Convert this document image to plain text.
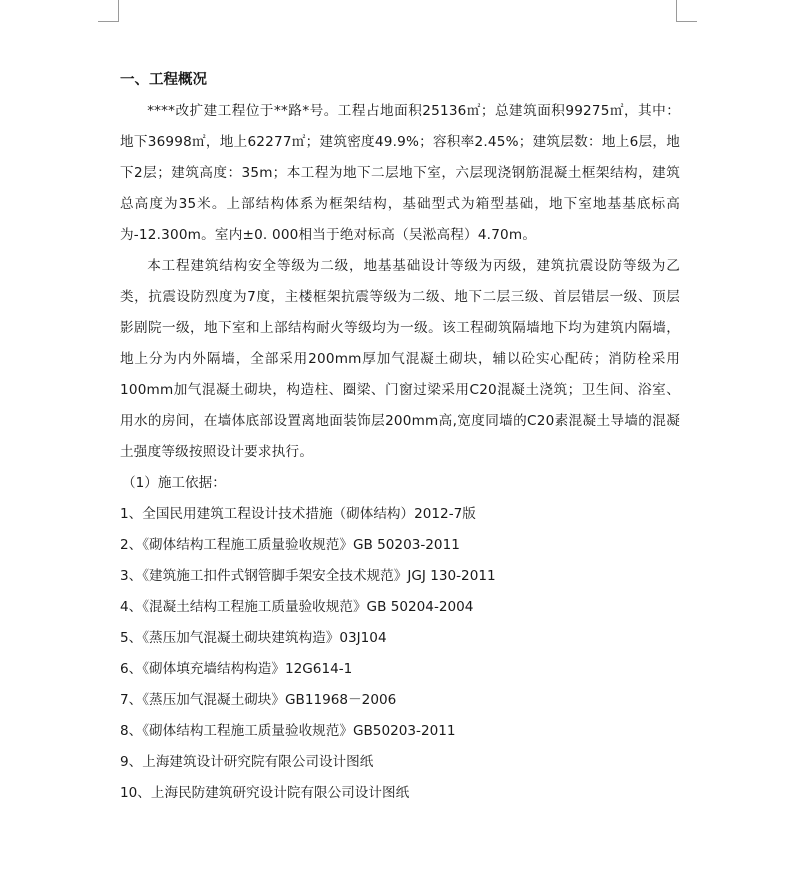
一、工程概况

****改扩建工程位于**路*号。工程占地面积25136㎡；总建筑面积99275㎡，其中：地下36998㎡，地上62277㎡；建筑密度49.9%；容积率2.45%；建筑层数：地上6层，地下2层；建筑高度：35m；本工程为地下二层地下室，六层现浇钢筋混凝土框架结构，建筑总高度为35米。上部结构体系为框架结构，基础型式为箱型基础，地下室地基基底标高为-12.300m。室内±0. 000相当于绝对标高（吴淞高程）4.70m。

本工程建筑结构安全等级为二级，地基基础设计等级为丙级，建筑抗震设防等级为乙类，抗震设防烈度为7度，主楼框架抗震等级为二级、地下二层三级、首层错层一级、顶层影剧院一级，地下室和上部结构耐火等级均为一级。该工程砌筑隔墙地下均为建筑内隔墙，地上分为内外隔墙，全部采用200mm厚加气混凝土砌块，辅以砼实心配砖；消防栓采用100mm加气混凝土砌块，构造柱、圈梁、门窗过梁采用C20混凝土浇筑；卫生间、浴室、用水的房间，在墙体底部设置离地面装饰层200mm高,宽度同墙的C20素混凝土导墙的混凝土强度等级按照设计要求执行。

（1）施工依据：

1、全国民用建筑工程设计技术措施（砌体结构）2012-7版
2、《砌体结构工程施工质量验收规范》GB 50203-2011
3、《建筑施工扣件式钢管脚手架安全技术规范》JGJ 130-2011
4、《混凝土结构工程施工质量验收规范》GB 50204-2004
5、《蒸压加气混凝土砌块建筑构造》03J104
6、《砌体填充墙结构构造》12G614-1
7、《蒸压加气混凝土砌块》GB11968－2006
8、《砌体结构工程施工质量验收规范》GB50203-2011
9、上海建筑设计研究院有限公司设计图纸
10、上海民防建筑研究设计院有限公司设计图纸
